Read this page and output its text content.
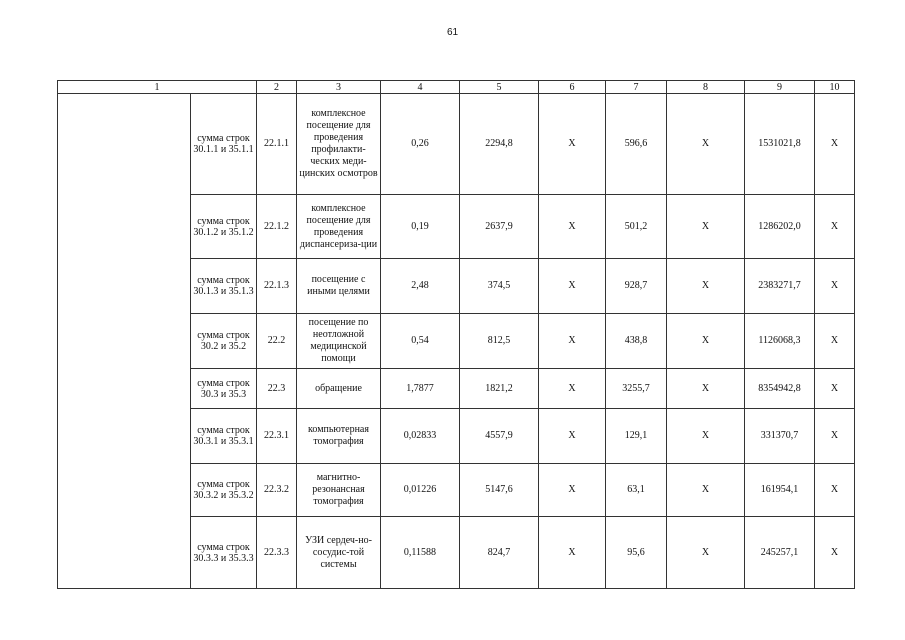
61
1		2	3	4	5	6	7	8	9	10
	сумма строк 30.1.1 и 35.1.1	22.1.1	комплексное посещение для проведения профилакти-ческих меди-цинских осмотров	0,26	2294,8	Х	596,6	Х	1531021,8	Х
	сумма строк 30.1.2 и 35.1.2	22.1.2	комплексное посещение для проведения диспансериза-ции	0,19	2637,9	Х	501,2	Х	1286202,0	Х
	сумма строк 30.1.3 и 35.1.3	22.1.3	посещение с иными целями	2,48	374,5	Х	928,7	Х	2383271,7	Х
	сумма строк 30.2 и 35.2	22.2	посещение по неотложной медицинской помощи	0,54	812,5	Х	438,8	Х	1126068,3	Х
	сумма строк 30.3 и 35.3	22.3	обращение	1,7877	1821,2	Х	3255,7	Х	8354942,8	Х
	сумма строк 30.3.1 и 35.3.1	22.3.1	компьютерная томография	0,02833	4557,9	Х	129,1	Х	331370,7	Х
	сумма строк 30.3.2 и 35.3.2	22.3.2	магнитно-резонансная томография	0,01226	5147,6	Х	63,1	Х	161954,1	Х
	сумма строк 30.3.3 и 35.3.3	22.3.3	УЗИ сердеч-но-сосудис-той системы	0,11588	824,7	Х	95,6	Х	245257,1	Х
